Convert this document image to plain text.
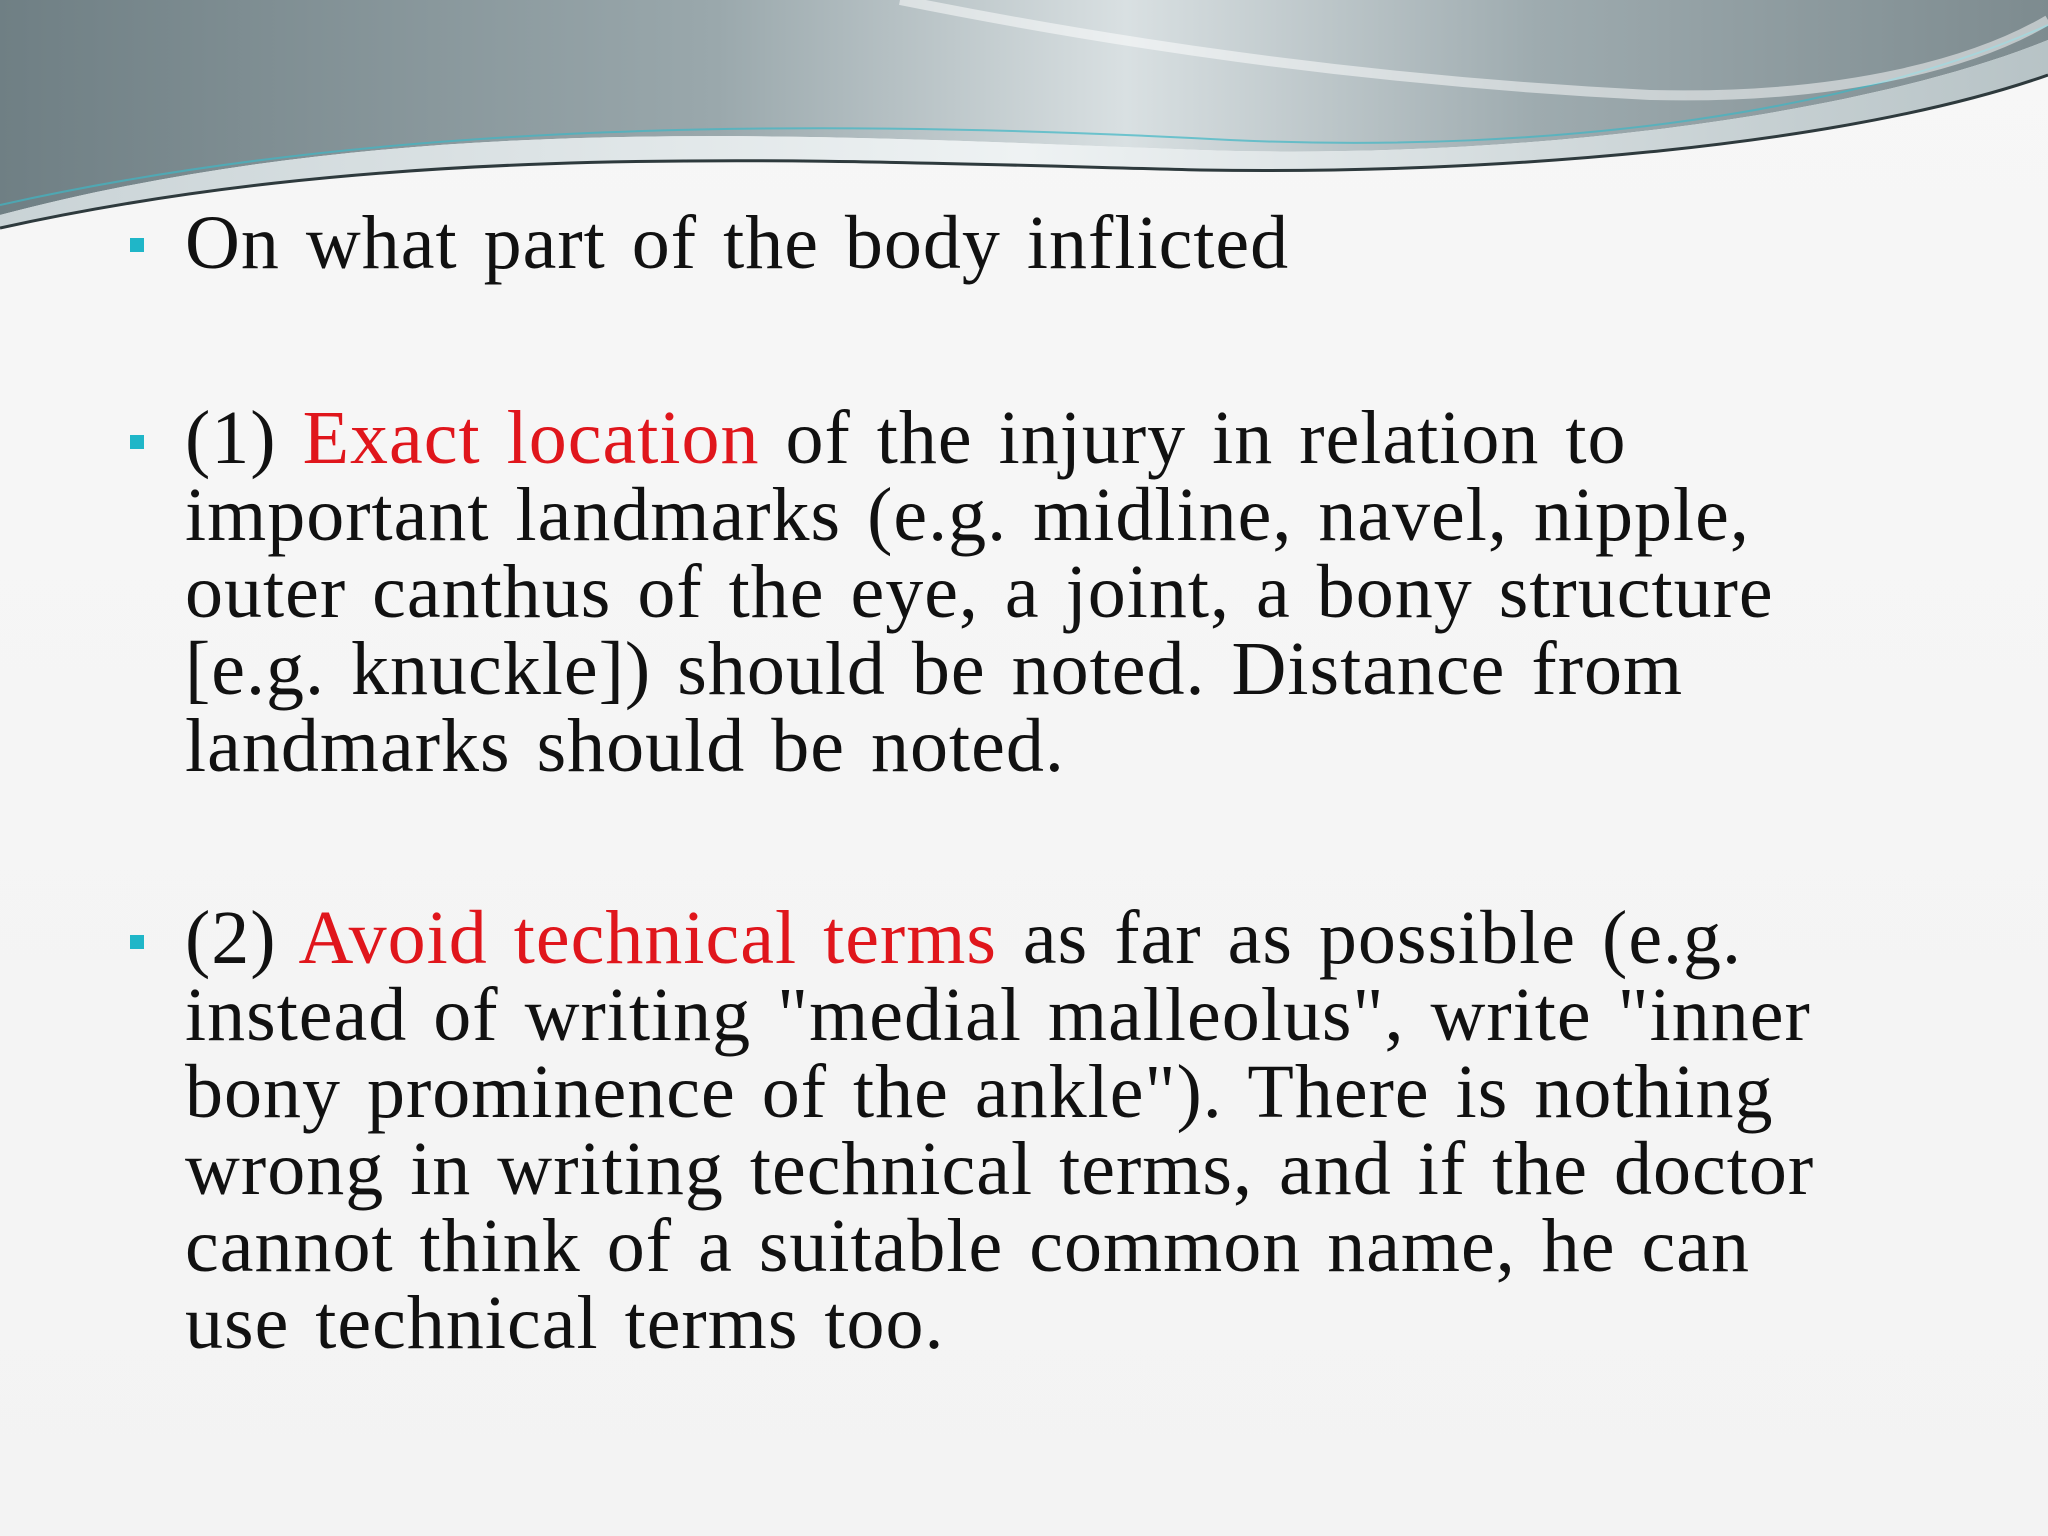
On what part of the body inflicted

(1) Exact location of the injury in relation to
important landmarks (e.g. midline, navel, nipple,
outer canthus of the eye, a joint, a bony structure
[e.g. knuckle]) should be noted. Distance from
landmarks should be noted.

(2) Avoid technical terms as far as possible (e.g.
instead of writing "medial malleolus", write "inner
bony prominence of the ankle"). There is nothing
wrong in writing technical terms, and if the doctor
cannot think of a suitable common name, he can
use technical terms too.
